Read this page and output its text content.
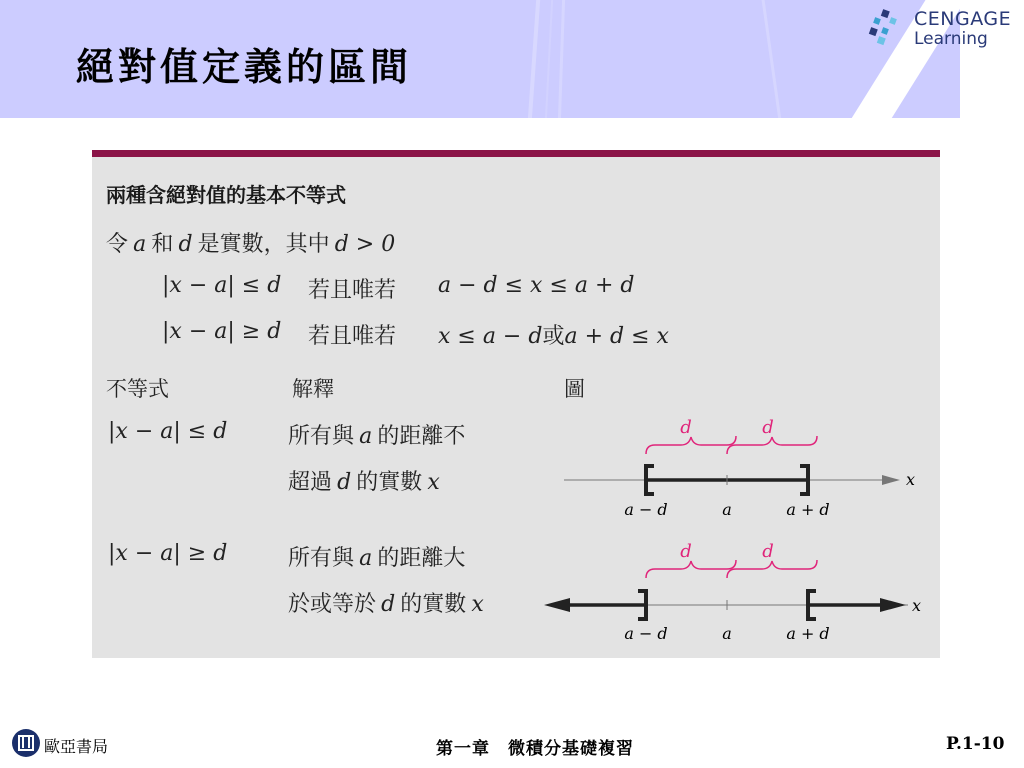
絕對值定義的區間
CENGAGE
Learning
兩種含絕對值的基本不等式
令 a 和 d 是實數，其中 d > 0
|x − a| ≤ d 若且唯若 a − d ≤ x ≤ a + d
|x − a| ≥ d 若且唯若 x ≤ a − d或a + d ≤ x
不等式	解釋	圖
|x − a| ≤ d	所有與 a 的距離不
超過 d 的實數 x
|x − a| ≥ d	所有與 a 的距離大
於或等於 d 的實數 x
d	d
x
a − d	a	a + d
d	d
x
a − d	a	a + d
歐亞書局	第一章　微積分基礎複習	P.1-10
